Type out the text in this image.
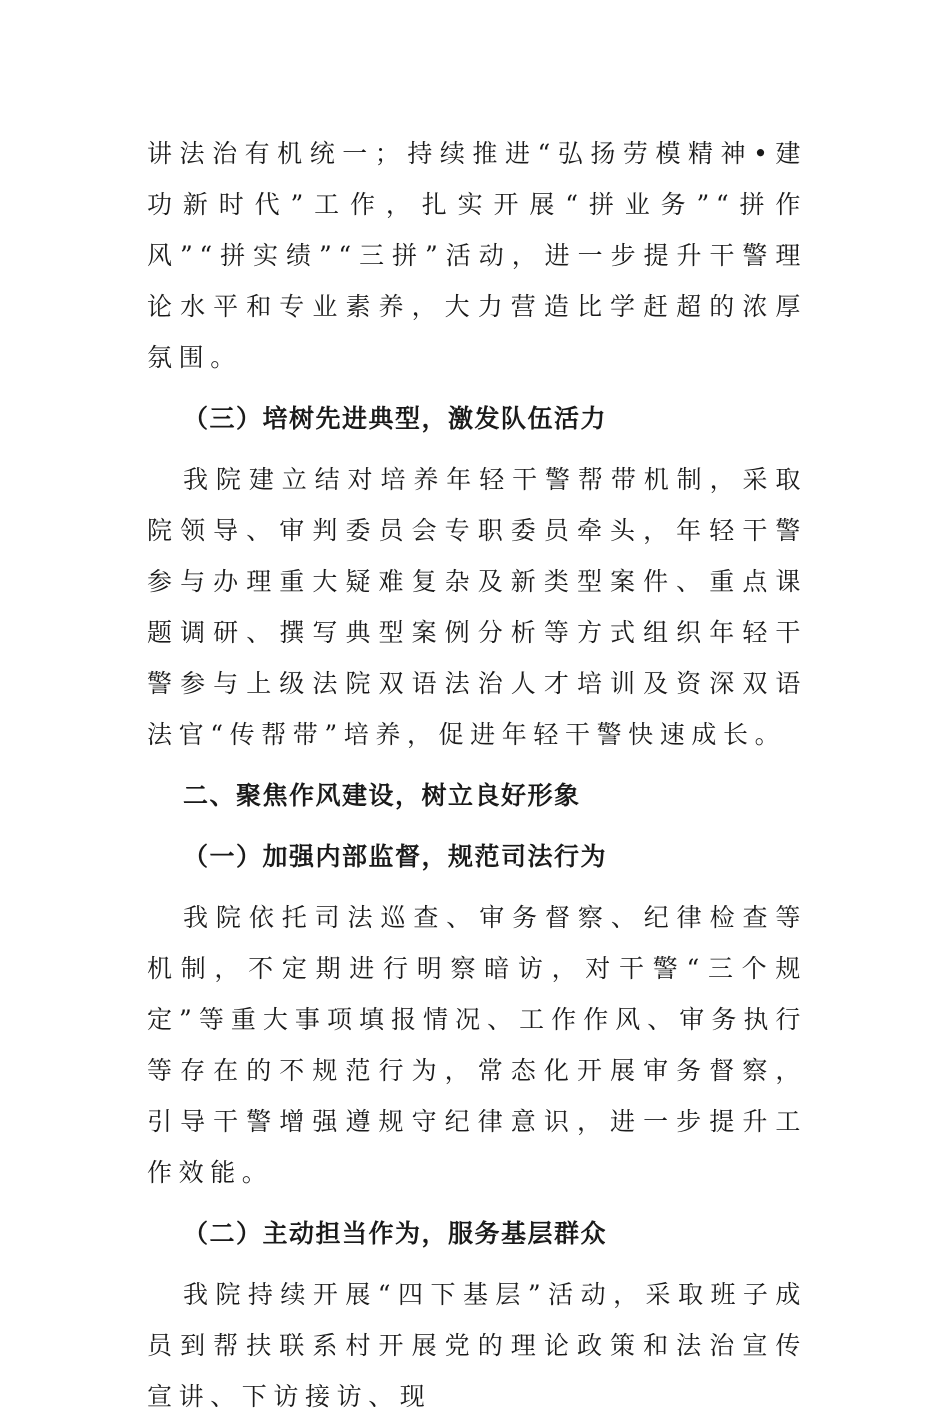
讲法治有机统一；持续推进“弘扬劳模精神•建功新时代”工作，扎实开展“拼业务”“拼作风”“拼实绩”“三拼”活动，进一步提升干警理论水平和专业素养，大力营造比学赶超的浓厚氛围。

（三）培树先进典型，激发队伍活力

我院建立结对培养年轻干警帮带机制，采取院领导、审判委员会专职委员牵头，年轻干警参与办理重大疑难复杂及新类型案件、重点课题调研、撰写典型案例分析等方式组织年轻干警参与上级法院双语法治人才培训及资深双语法官“传帮带”培养，促进年轻干警快速成长。

二、聚焦作风建设，树立良好形象

（一）加强内部监督，规范司法行为

我院依托司法巡查、审务督察、纪律检查等机制，不定期进行明察暗访，对干警“三个规定”等重大事项填报情况、工作作风、审务执行等存在的不规范行为，常态化开展审务督察，引导干警增强遵规守纪律意识，进一步提升工作效能。

（二）主动担当作为，服务基层群众

我院持续开展“四下基层”活动，采取班子成员到帮扶联系村开展党的理论政策和法治宣传宣讲、下访接访、现
